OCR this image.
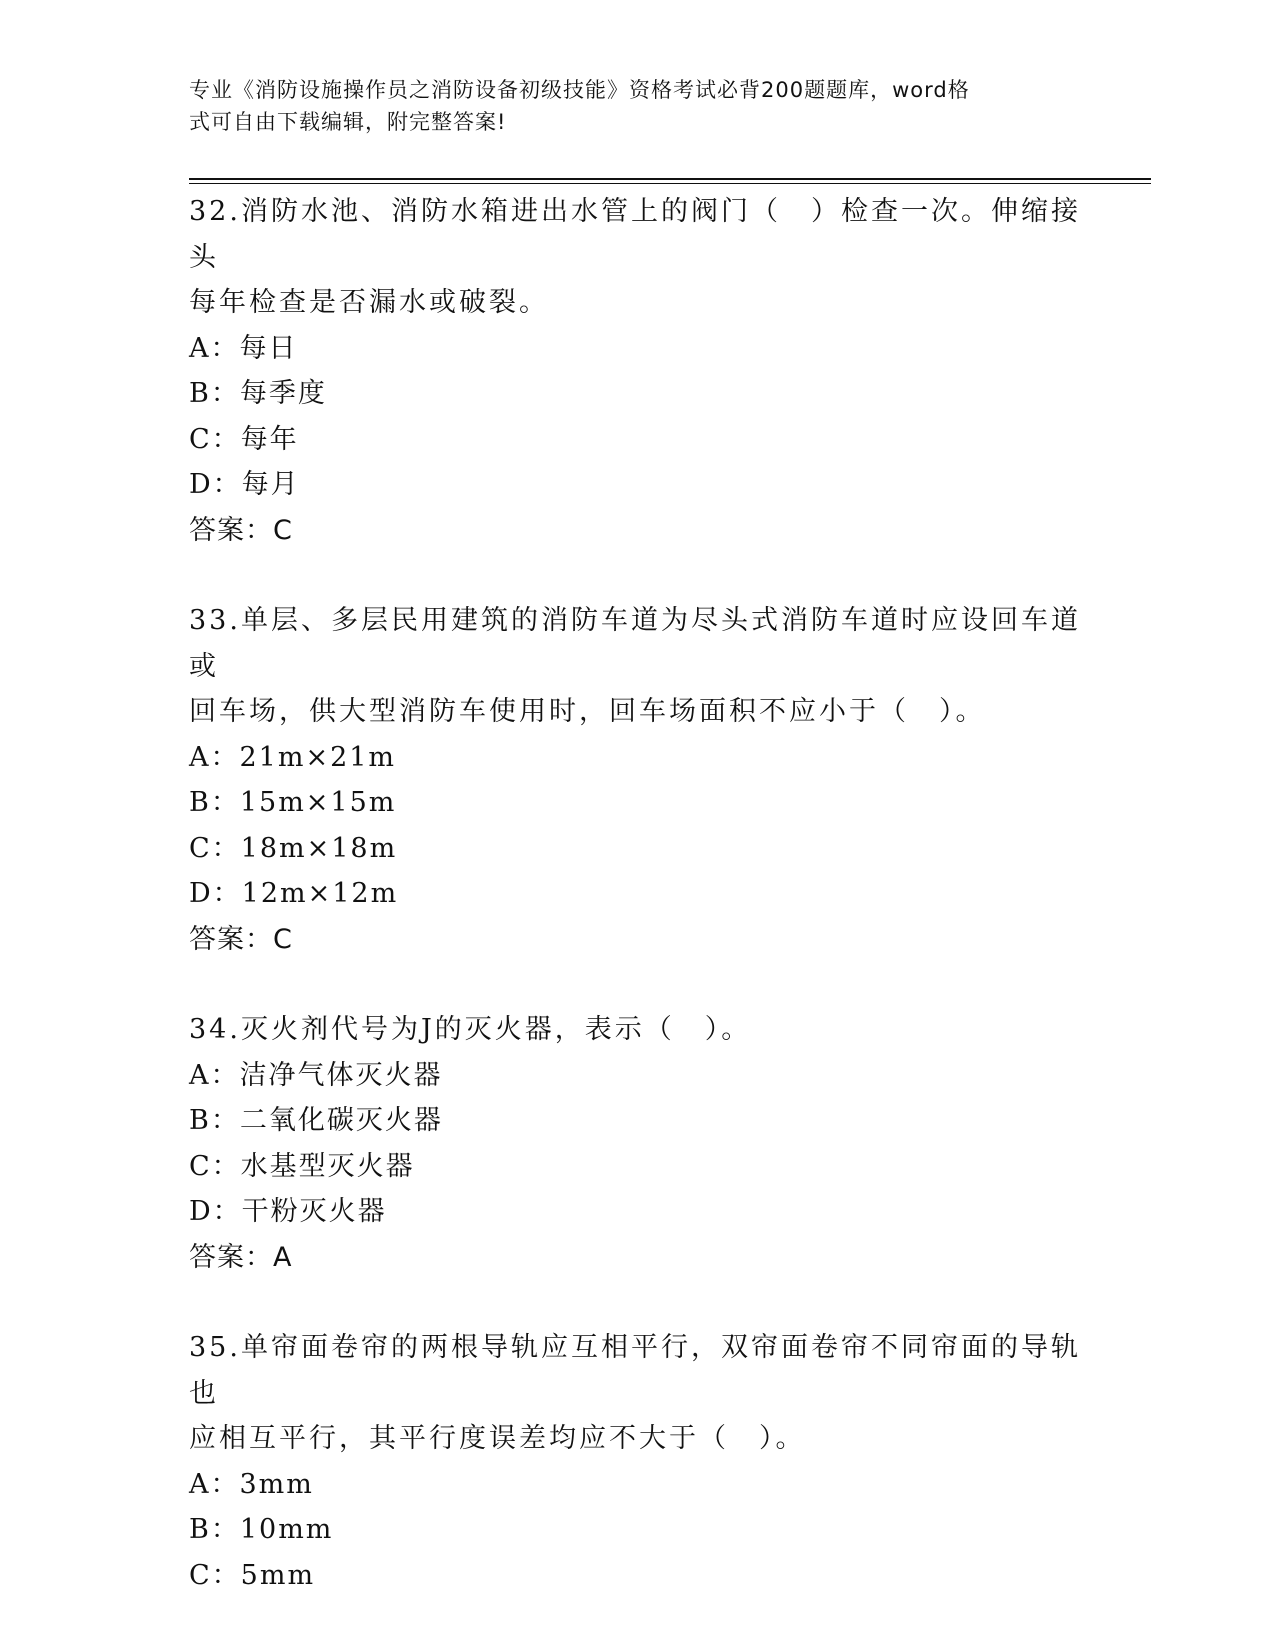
专业《消防设施操作员之消防设备初级技能》资格考试必背200题题库，word格
式可自由下载编辑，附完整答案!
32.消防水池、消防水箱进出水管上的阀门（　）检查一次。伸缩接头
每年检查是否漏水或破裂。
A：每日
B：每季度
C：每年
D：每月
答案：C
33.单层、多层民用建筑的消防车道为尽头式消防车道时应设回车道或
回车场，供大型消防车使用时，回车场面积不应小于（　）。
A：21m×21m
B：15m×15m
C：18m×18m
D：12m×12m
答案：C
34.灭火剂代号为J的灭火器，表示（　）。
A：洁净气体灭火器
B：二氧化碳灭火器
C：水基型灭火器
D：干粉灭火器
答案：A
35.单帘面卷帘的两根导轨应互相平行，双帘面卷帘不同帘面的导轨也
应相互平行，其平行度误差均应不大于（　）。
A：3mm
B：10mm
C：5mm
